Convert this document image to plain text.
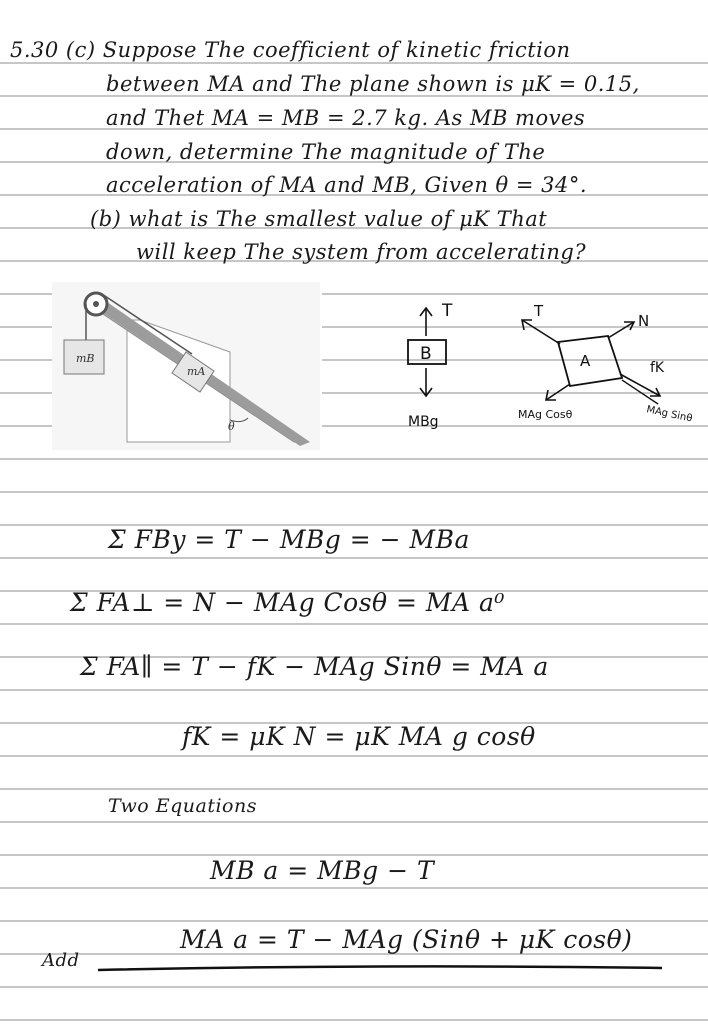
5.30 (c) Suppose The coefficient of kinetic friction
between MA and The plane shown is μK = 0.15,
and Thet MA = MB = 2.7 kg. As MB moves
down, determine The magnitude of The
acceleration of MA and MB, Given θ = 34°.
(b) what is The smallest value of μK That
will keep The system from accelerating?
mB
mA
θ
T
B
MBg
A
T
N
MAg Cosθ
fK
MAg Sinθ
Σ FBy = T − MBg = − MBa
Σ FA⊥ = N − MAg Cosθ = MA a⁰
Σ FA∥ = T − fK − MAg Sinθ = MA a
fK = μK N = μK MA g cosθ
Two Equations
MB a = MBg − T
MA a = T − MAg (Sinθ + μK cosθ)
Add
